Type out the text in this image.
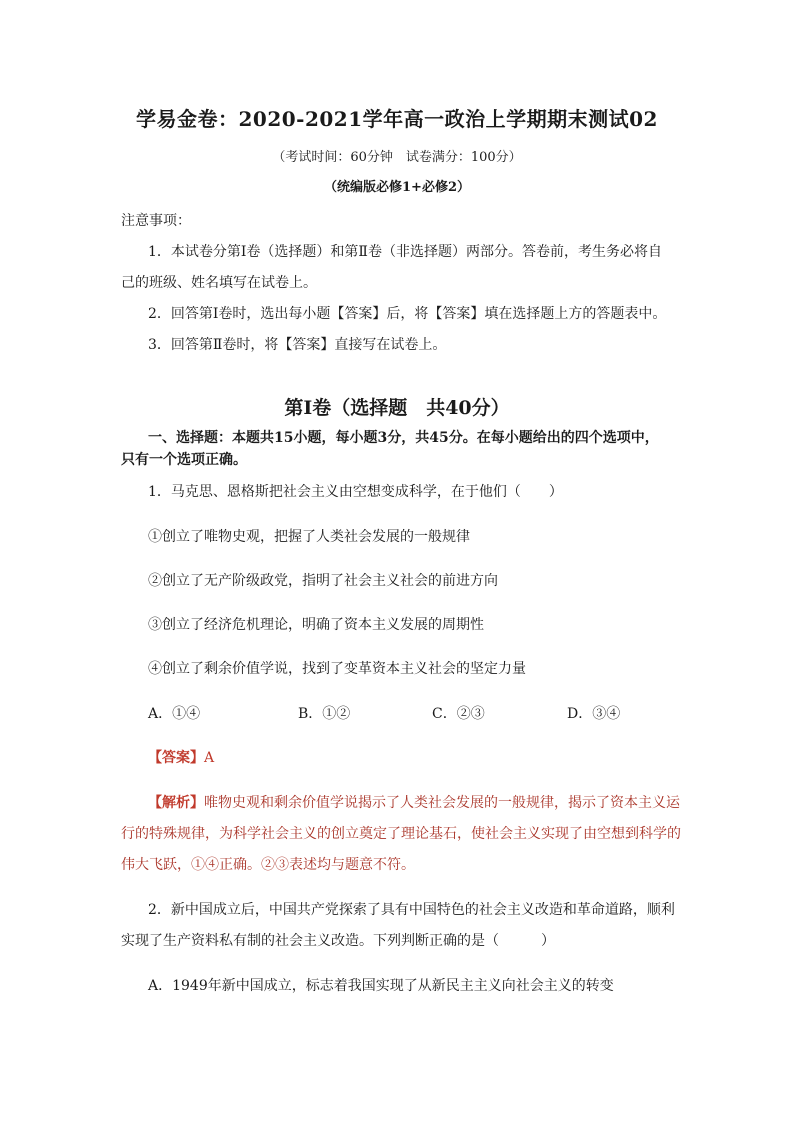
学易金卷：2020-2021学年高一政治上学期期末测试02
（考试时间：60分钟　试卷满分：100分）
（统编版必修1+必修2）
注意事项：
1．本试卷分第Ⅰ卷（选择题）和第Ⅱ卷（非选择题）两部分。答卷前，考生务必将自
己的班级、姓名填写在试卷上。
2．回答第Ⅰ卷时，选出每小题【答案】后，将【答案】填在选择题上方的答题表中。
3．回答第Ⅱ卷时，将【答案】直接写在试卷上。
第Ⅰ卷（选择题　共40分）
一、选择题：本题共15小题，每小题3分，共45分。在每小题给出的四个选项中，
只有一个选项正确。
1．马克思、恩格斯把社会主义由空想变成科学，在于他们（　　）
①创立了唯物史观，把握了人类社会发展的一般规律
②创立了无产阶级政党，指明了社会主义社会的前进方向
③创立了经济危机理论，明确了资本主义发展的周期性
④创立了剩余价值学说，找到了变革资本主义社会的坚定力量
A．①④	B．①②	C．②③	D．③④
【答案】A
【解析】唯物史观和剩余价值学说揭示了人类社会发展的一般规律，揭示了资本主义运
行的特殊规律，为科学社会主义的创立奠定了理论基石，使社会主义实现了由空想到科学的
伟大飞跃，①④正确。②③表述均与题意不符。
2．新中国成立后，中国共产党探索了具有中国特色的社会主义改造和革命道路，顺利
实现了生产资料私有制的社会主义改造。下列判断正确的是（　　　）
A．1949年新中国成立，标志着我国实现了从新民主主义向社会主义的转变
